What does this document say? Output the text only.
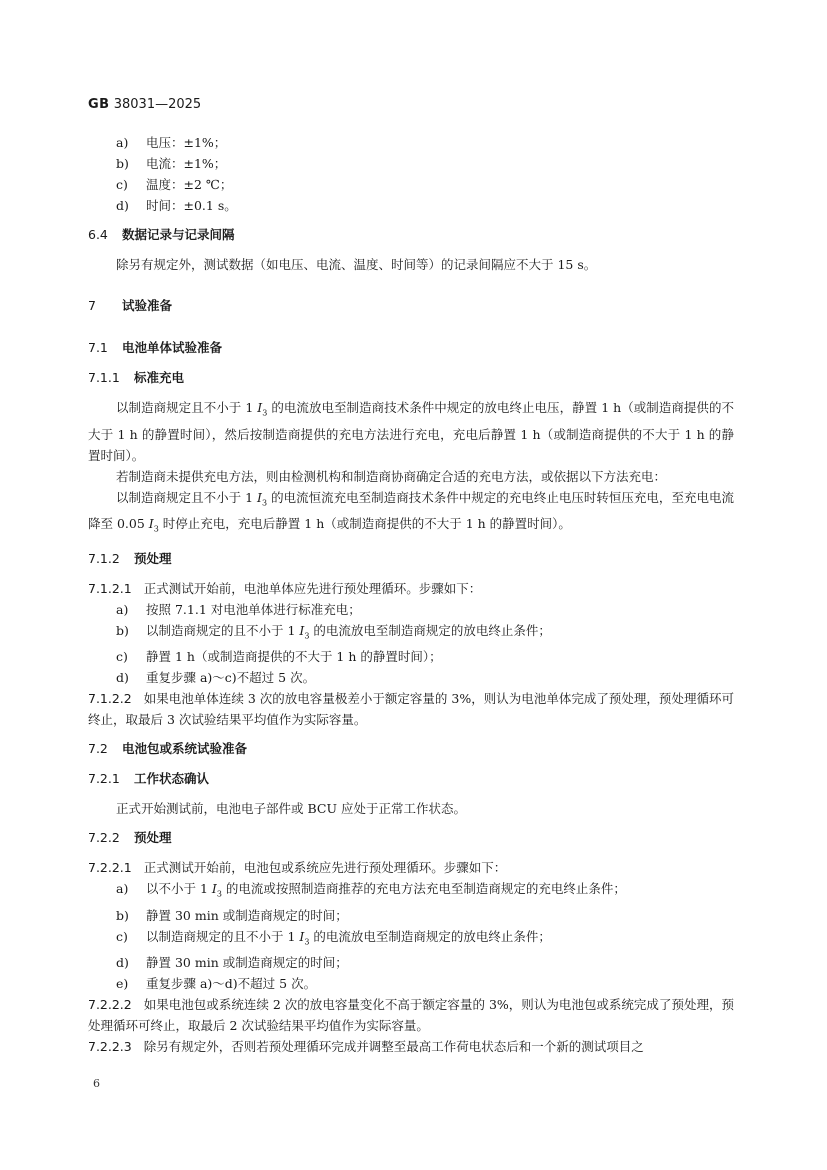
GB 38031—2025
a)	电压：±1%；
b)	电流：±1%；
c)	温度：±2 ℃；
d)	时间：±0.1 s。
6.4 数据记录与记录间隔
除另有规定外，测试数据（如电压、电流、温度、时间等）的记录间隔应不大于 15 s。
7 试验准备
7.1 电池单体试验准备
7.1.1 标准充电
以制造商规定且不小于 1 $I_3$ 的电流放电至制造商技术条件中规定的放电终止电压，静置 1 h（或制造商提供的不大于 1 h 的静置时间），然后按制造商提供的充电方法进行充电，充电后静置 1 h（或制造商提供的不大于 1 h 的静置时间）。
若制造商未提供充电方法，则由检测机构和制造商协商确定合适的充电方法，或依据以下方法充电：
以制造商规定且不小于 1 $I_3$ 的电流恒流充电至制造商技术条件中规定的充电终止电压时转恒压充电，至充电电流降至 0.05 $I_3$ 时停止充电，充电后静置 1 h（或制造商提供的不大于 1 h 的静置时间）。
7.1.2 预处理
7.1.2.1 正式测试开始前，电池单体应先进行预处理循环。步骤如下：
a)	按照 7.1.1 对电池单体进行标准充电；
b)	以制造商规定的且不小于 1 $I_3$ 的电流放电至制造商规定的放电终止条件；
c)	静置 1 h（或制造商提供的不大于 1 h 的静置时间）；
d)	重复步骤 a)～c)不超过 5 次。
7.1.2.2 如果电池单体连续 3 次的放电容量极差小于额定容量的 3%，则认为电池单体完成了预处理，预处理循环可终止，取最后 3 次试验结果平均值作为实际容量。
7.2 电池包或系统试验准备
7.2.1 工作状态确认
正式开始测试前，电池电子部件或 BCU 应处于正常工作状态。
7.2.2 预处理
7.2.2.1 正式测试开始前，电池包或系统应先进行预处理循环。步骤如下：
a)	以不小于 1 $I_3$ 的电流或按照制造商推荐的充电方法充电至制造商规定的充电终止条件；
b)	静置 30 min 或制造商规定的时间；
c)	以制造商规定的且不小于 1 $I_3$ 的电流放电至制造商规定的放电终止条件；
d)	静置 30 min 或制造商规定的时间；
e)	重复步骤 a)～d)不超过 5 次。
7.2.2.2 如果电池包或系统连续 2 次的放电容量变化不高于额定容量的 3%，则认为电池包或系统完成了预处理，预处理循环可终止，取最后 2 次试验结果平均值作为实际容量。
7.2.2.3 除另有规定外，否则若预处理循环完成并调整至最高工作荷电状态后和一个新的测试项目之
6
